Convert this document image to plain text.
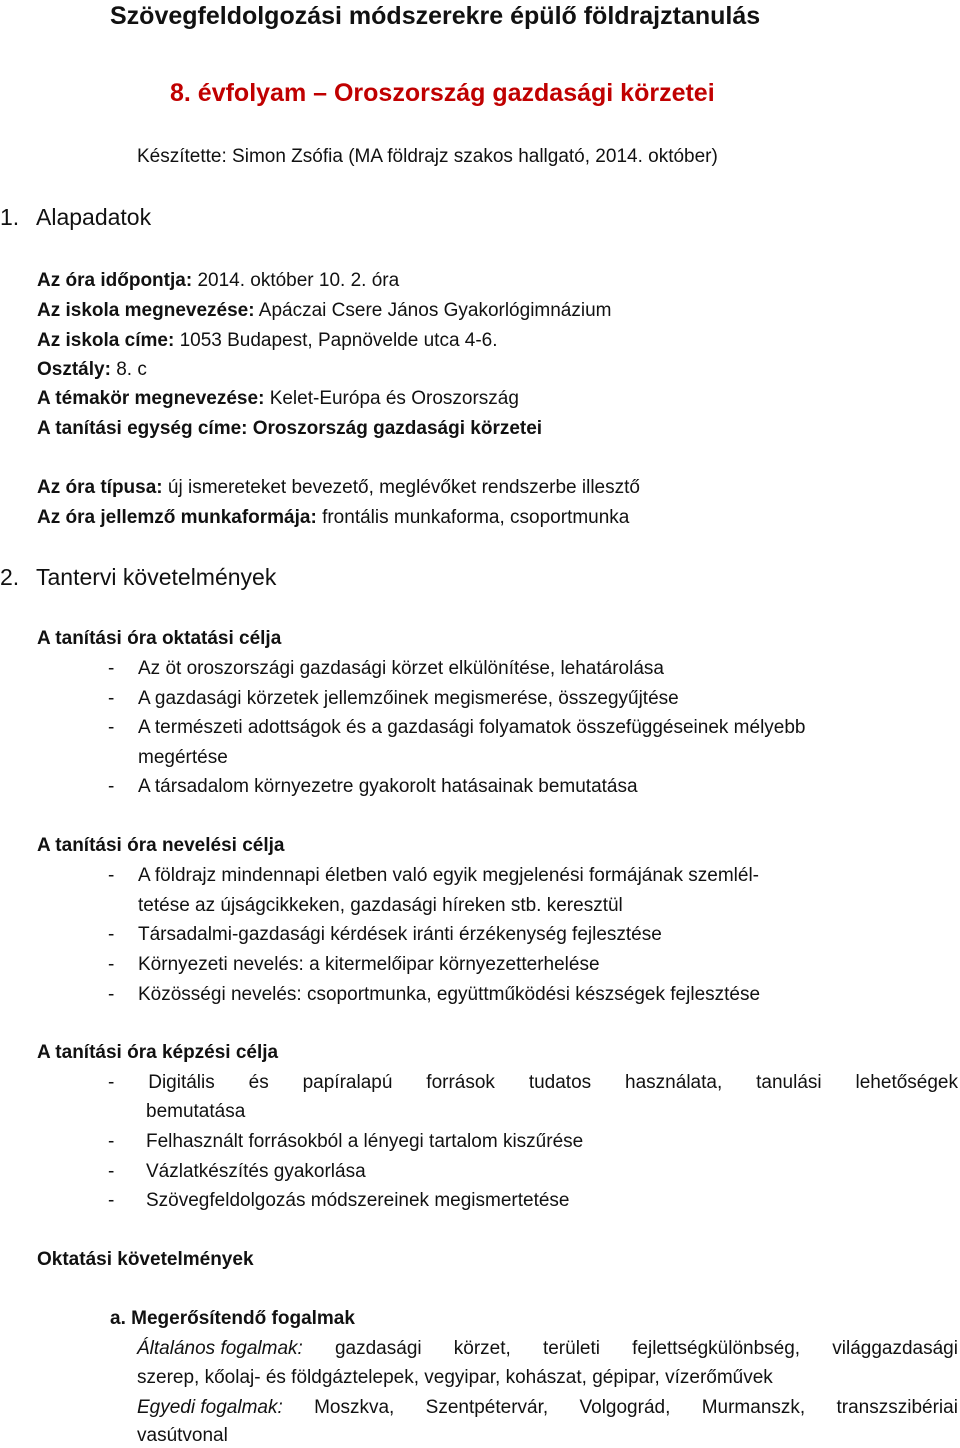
Szövegfeldolgozási módszerekre épülő földrajztanulás
8. évfolyam – Oroszország gazdasági körzetei
Készítette: Simon Zsófia (MA földrajz szakos hallgató, 2014. október)
1. Alapadatok
Az óra időpontja: 2014. október 10. 2. óra
Az iskola megnevezése: Apáczai Csere János Gyakorlógimnázium
Az iskola címe: 1053 Budapest, Papnövelde utca 4-6.
Osztály: 8. c
A témakör megnevezése: Kelet-Európa és Oroszország
A tanítási egység címe: Oroszország gazdasági körzetei
Az óra típusa: új ismereteket bevezető, meglévőket rendszerbe illesztő
Az óra jellemző munkaformája: frontális munkaforma, csoportmunka
2. Tantervi követelmények
A tanítási óra oktatási célja
- Az öt oroszországi gazdasági körzet elkülönítése, lehatárolása
- A gazdasági körzetek jellemzőinek megismerése, összegyűjtése
- A természeti adottságok és a gazdasági folyamatok összefüggéseinek mélyebb
megértése
- A társadalom környezetre gyakorolt hatásainak bemutatása
A tanítási óra nevelési célja
- A földrajz mindennapi életben való egyik megjelenési formájának szemlél-
tetése az újságcikkeken, gazdasági híreken stb. keresztül
- Társadalmi-gazdasági kérdések iránti érzékenység fejlesztése
- Környezeti nevelés: a kitermelőipar környezetterhelése
- Közösségi nevelés: csoportmunka, együttműködési készségek fejlesztése
A tanítási óra képzési célja
- Digitális és papíralapú források tudatos használata, tanulási lehetőségek
bemutatása
- Felhasznált forrásokból a lényegi tartalom kiszűrése
- Vázlatkészítés gyakorlása
- Szövegfeldolgozás módszereinek megismertetése
Oktatási követelmények
a. Megerősítendő fogalmak
Általános fogalmak: gazdasági körzet, területi fejlettségkülönbség, világgazdasági
szerep, kőolaj- és földgáztelepek, vegyipar, kohászat, gépipar, vízerőművek
Egyedi fogalmak: Moszkva, Szentpétervár, Volgográd, Murmanszk, transzszibériai
vasútvonal
